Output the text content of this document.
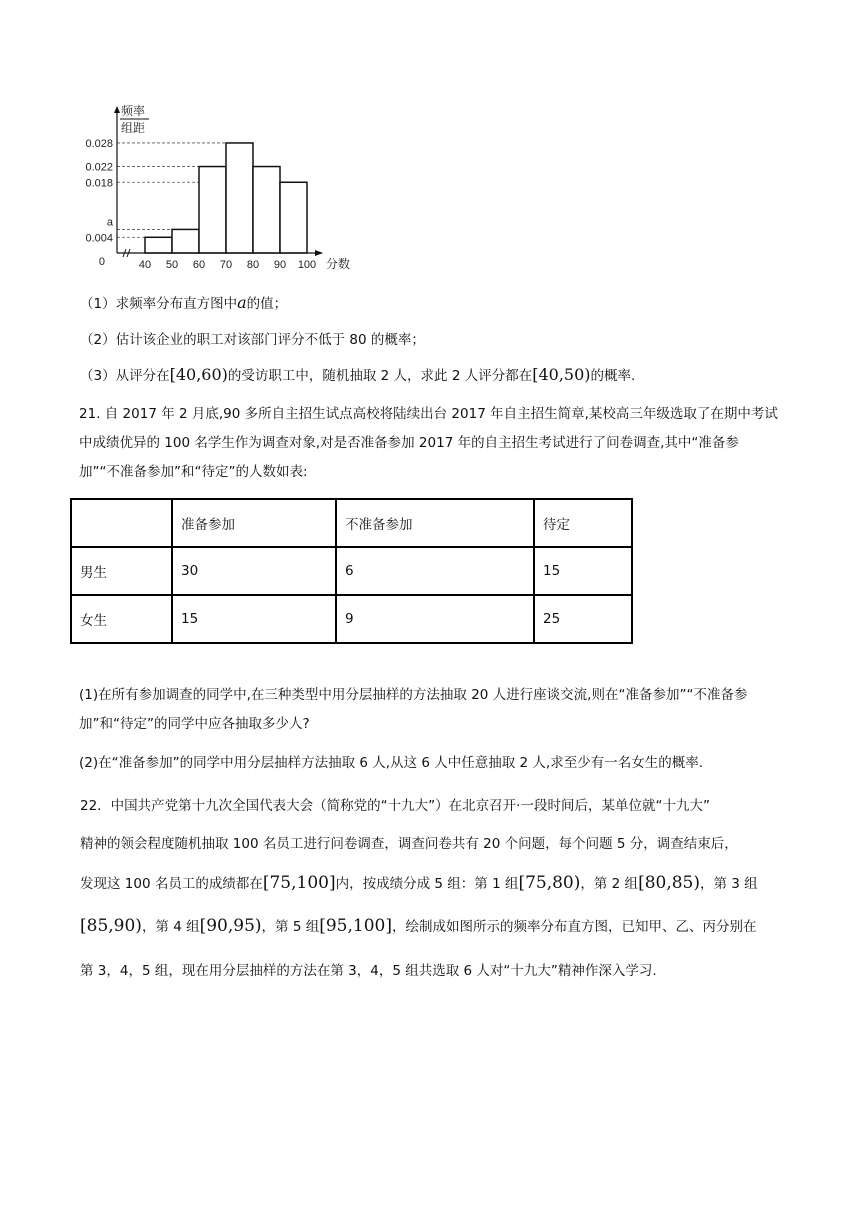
频率
组距
0.028
0.022
0.018
a
0.004
0	40 50 60 70 80 90 100 分数
（1）求频率分布直方图中a的值；
（2）估计该企业的职工对该部门评分不低于 80 的概率；
（3）从评分在[40,60)的受访职工中，随机抽取 2 人，求此 2 人评分都在[40,50)的概率.
21. 自 2017 年 2 月底,90 多所自主招生试点高校将陆续出台 2017 年自主招生简章,某校高三年级选取了在期中考试中成绩优异的 100 名学生作为调查对象,对是否准备参加 2017 年的自主招生考试进行了问卷调查,其中“准备参加”“不准备参加”和“待定”的人数如表:
	准备参加	不准备参加	待定
男生	30	6	15
女生	15	9	25
(1)在所有参加调查的同学中,在三种类型中用分层抽样的方法抽取 20 人进行座谈交流,则在“准备参加”“不准备参加”和“待定”的同学中应各抽取多少人?
(2)在“准备参加”的同学中用分层抽样方法抽取 6 人,从这 6 人中任意抽取 2 人,求至少有一名女生的概率.
22．中国共产党第十九次全国代表大会（简称党的“十九大”）在北京召开·一段时间后，某单位就“十九大”
精神的领会程度随机抽取 100 名员工进行问卷调查，调查问卷共有 20 个问题，每个问题 5 分，调查结束后，
发现这 100 名员工的成绩都在[75,100]内，按成绩分成 5 组：第 1 组[75,80)，第 2 组[80,85)，第 3 组
[85,90)，第 4 组[90,95)，第 5 组[95,100]，绘制成如图所示的频率分布直方图，已知甲、乙、丙分别在
第 3，4，5 组，现在用分层抽样的方法在第 3，4，5 组共选取 6 人对“十九大”精神作深入学习.
